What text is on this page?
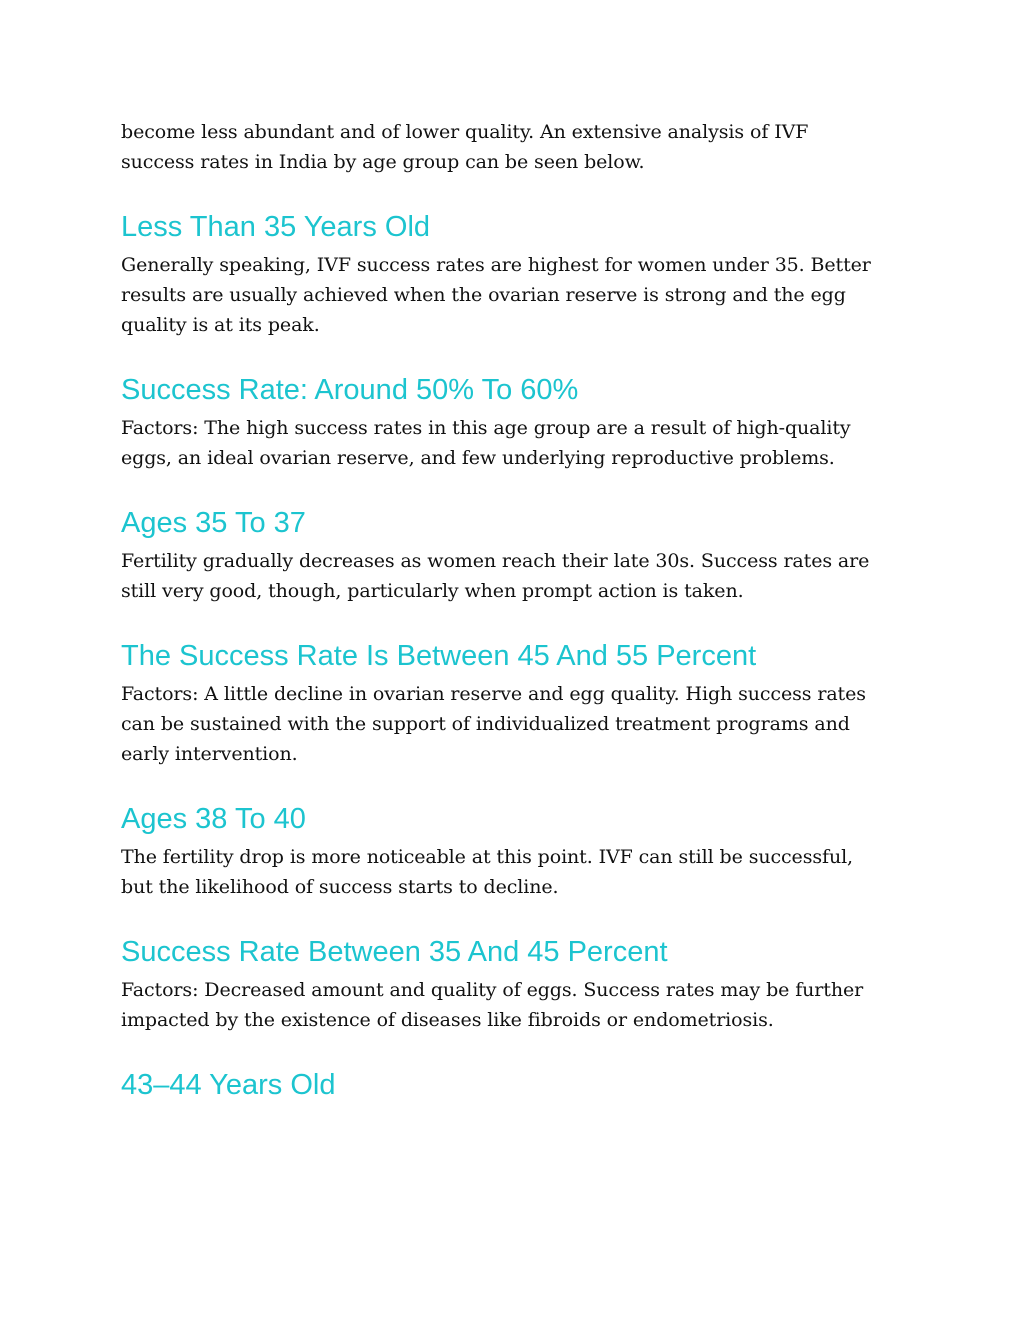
become less abundant and of lower quality. An extensive analysis of IVF
success rates in India by age group can be seen below.
Less Than 35 Years Old
Generally speaking, IVF success rates are highest for women under 35. Better
results are usually achieved when the ovarian reserve is strong and the egg
quality is at its peak.
Success Rate: Around 50% To 60%
Factors: The high success rates in this age group are a result of high-quality
eggs, an ideal ovarian reserve, and few underlying reproductive problems.
Ages 35 To 37
Fertility gradually decreases as women reach their late 30s. Success rates are
still very good, though, particularly when prompt action is taken.
The Success Rate Is Between 45 And 55 Percent
Factors: A little decline in ovarian reserve and egg quality. High success rates
can be sustained with the support of individualized treatment programs and
early intervention.
Ages 38 To 40
The fertility drop is more noticeable at this point. IVF can still be successful,
but the likelihood of success starts to decline.
Success Rate Between 35 And 45 Percent
Factors: Decreased amount and quality of eggs. Success rates may be further
impacted by the existence of diseases like fibroids or endometriosis.
43–44 Years Old
